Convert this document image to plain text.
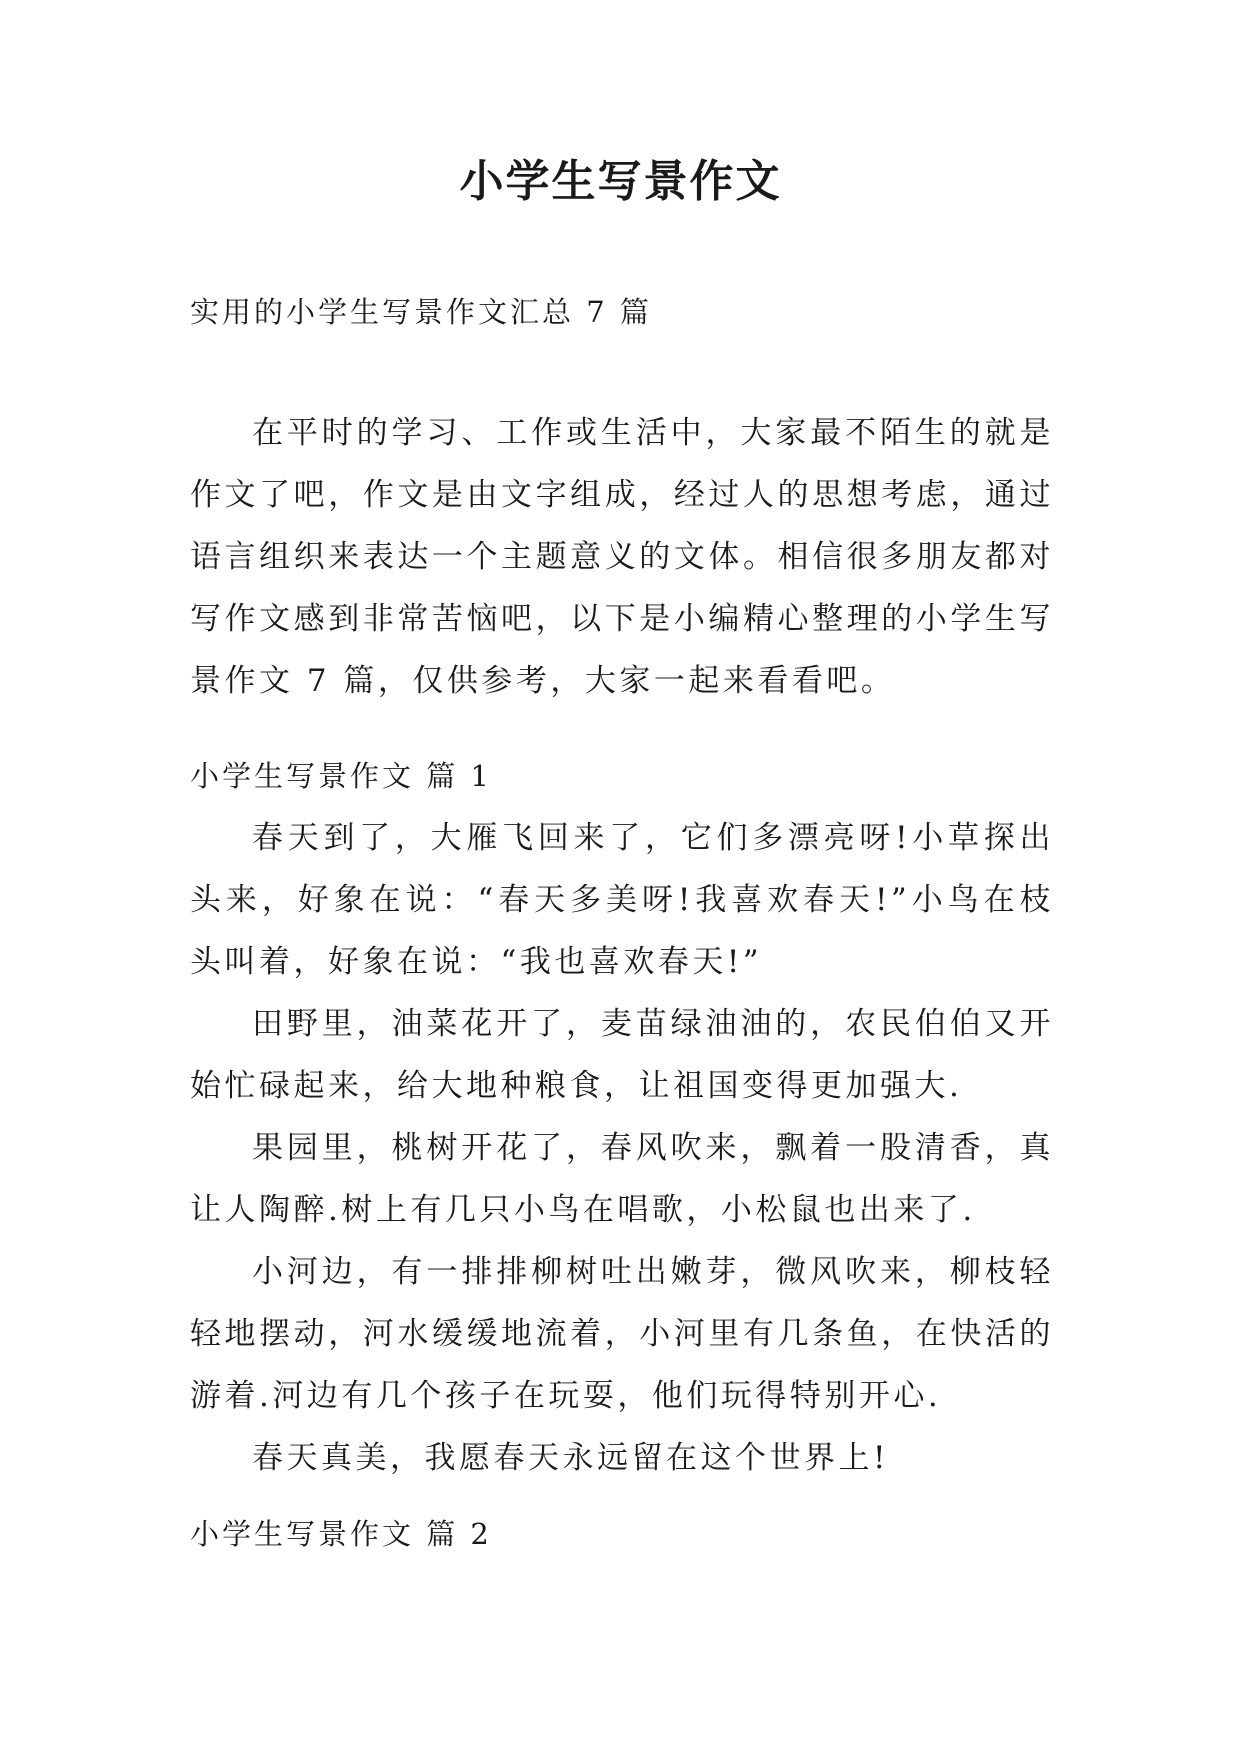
小学生写景作文
实用的小学生写景作文汇总 7 篇

在平时的学习、工作或生活中，大家最不陌生的就是作文了吧，作文是由文字组成，经过人的思想考虑，通过语言组织来表达一个主题意义的文体。相信很多朋友都对写作文感到非常苦恼吧，以下是小编精心整理的小学生写景作文 7 篇，仅供参考，大家一起来看看吧。

小学生写景作文 篇 1

春天到了，大雁飞回来了，它们多漂亮呀!小草探出头来，好象在说：“春天多美呀!我喜欢春天!”小鸟在枝头叫着，好象在说：“我也喜欢春天!”

田野里，油菜花开了，麦苗绿油油的，农民伯伯又开始忙碌起来，给大地种粮食，让祖国变得更加强大.

果园里，桃树开花了，春风吹来，飘着一股清香，真让人陶醉.树上有几只小鸟在唱歌，小松鼠也出来了.

小河边，有一排排柳树吐出嫩芽，微风吹来，柳枝轻轻地摆动，河水缓缓地流着，小河里有几条鱼，在快活的游着.河边有几个孩子在玩耍，他们玩得特别开心.

春天真美，我愿春天永远留在这个世界上!

小学生写景作文 篇 2
